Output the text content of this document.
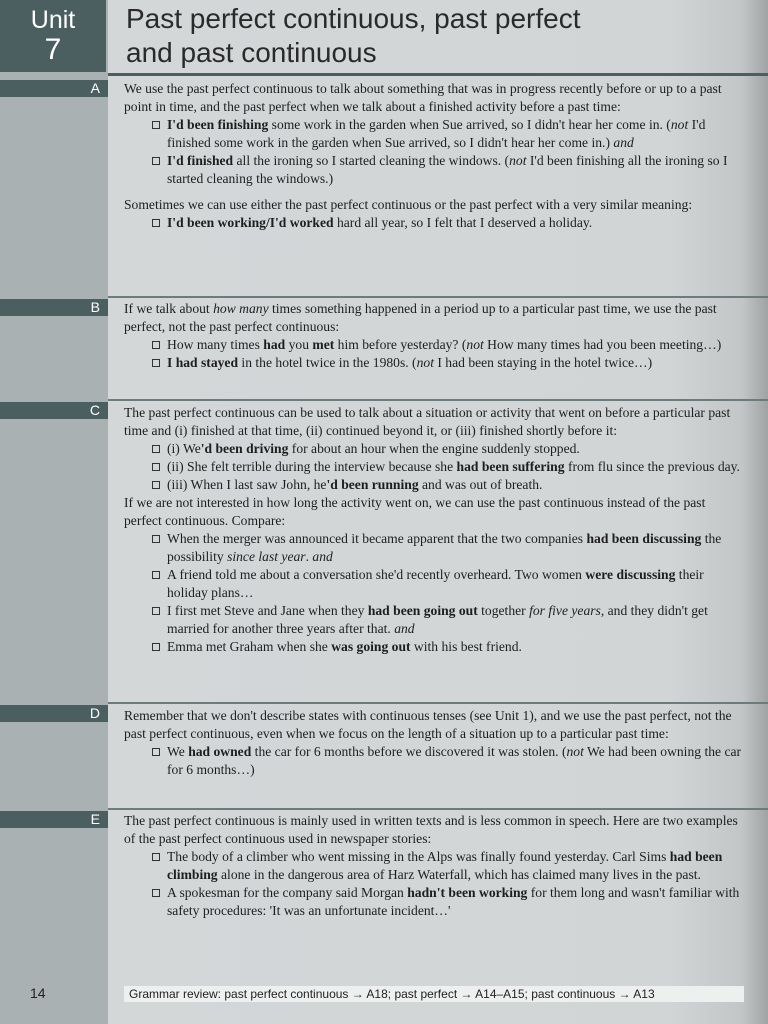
Unit
7
Past perfect continuous, past perfect
and past continuous
A	We use the past perfect continuous to talk about something that was in progress recently before or up to a past point in time, and the past perfect when we talk about a finished activity before a past time:

I'd been finishing some work in the garden when Sue arrived, so I didn't hear her come in. (not I'd finished some work in the garden when Sue arrived, so I didn't hear her come in.) and
I'd finished all the ironing so I started cleaning the windows. (not I'd been finishing all the ironing so I started cleaning the windows.)

Sometimes we can use either the past perfect continuous or the past perfect with a very similar meaning:

I'd been working/I'd worked hard all year, so I felt that I deserved a holiday.
B	If we talk about how many times something happened in a period up to a particular past time, we use the past perfect, not the past perfect continuous:

How many times had you met him before yesterday? (not How many times had you been meeting…)
I had stayed in the hotel twice in the 1980s. (not I had been staying in the hotel twice…)
C	The past perfect continuous can be used to talk about a situation or activity that went on before a particular past time and (i) finished at that time, (ii) continued beyond it, or (iii) finished shortly before it:

(i) We'd been driving for about an hour when the engine suddenly stopped.
(ii) She felt terrible during the interview because she had been suffering from flu since the previous day.
(iii) When I last saw John, he'd been running and was out of breath.

If we are not interested in how long the activity went on, we can use the past continuous instead of the past perfect continuous. Compare:

When the merger was announced it became apparent that the two companies had been discussing the possibility since last year. and
A friend told me about a conversation she'd recently overheard. Two women were discussing their holiday plans…
I first met Steve and Jane when they had been going out together for five years, and they didn't get married for another three years after that. and
Emma met Graham when she was going out with his best friend.
D	Remember that we don't describe states with continuous tenses (see Unit 1), and we use the past perfect, not the past perfect continuous, even when we focus on the length of a situation up to a particular past time:

We had owned the car for 6 months before we discovered it was stolen. (not We had been owning the car for 6 months…)
E	The past perfect continuous is mainly used in written texts and is less common in speech. Here are two examples of the past perfect continuous used in newspaper stories:

The body of a climber who went missing in the Alps was finally found yesterday. Carl Sims had been climbing alone in the dangerous area of Harz Waterfall, which has claimed many lives in the past.
A spokesman for the company said Morgan hadn't been working for them long and wasn't familiar with safety procedures: 'It was an unfortunate incident…'
14	Grammar review: past perfect continuous → A18; past perfect → A14–A15; past continuous → A13
